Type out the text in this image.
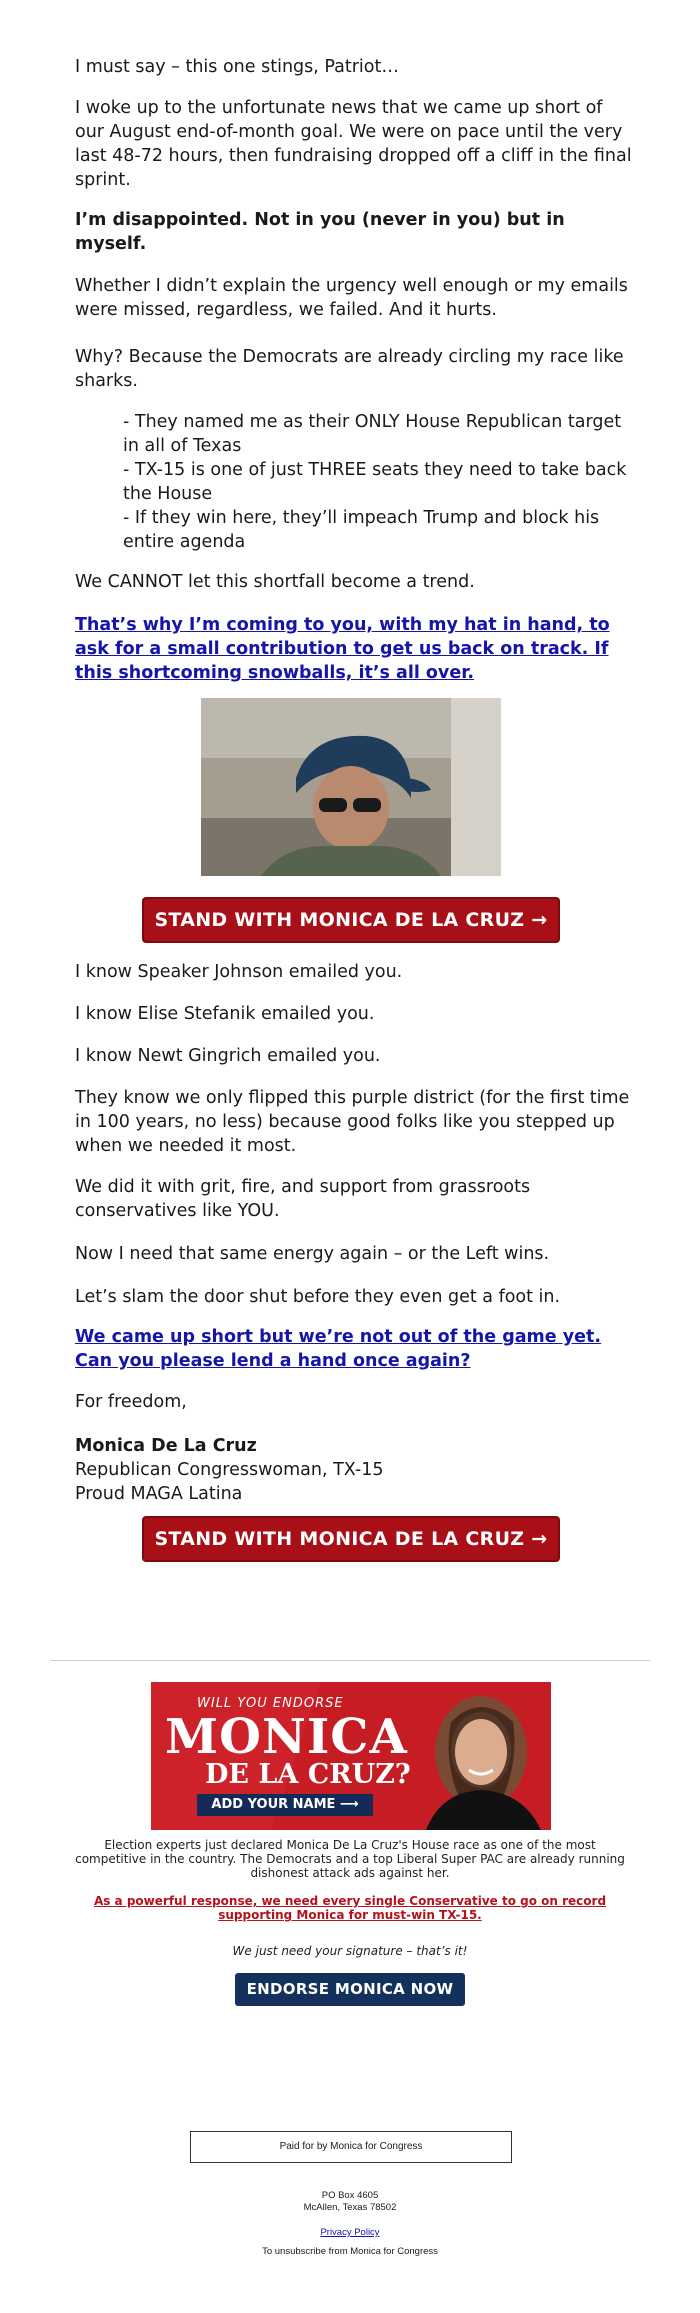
I must say – this one stings, Patriot…

I woke up to the unfortunate news that we came up short of our August end-of-month goal. We were on pace until the very last 48-72 hours, then fundraising dropped off a cliff in the final sprint.

I’m disappointed. Not in you (never in you) but in myself.

Whether I didn’t explain the urgency well enough or my emails were missed, regardless, we failed. And it hurts.

Why? Because the Democrats are already circling my race like sharks.

- They named me as their ONLY House Republican target in all of Texas

- TX-15 is one of just THREE seats they need to take back the House

- If they win here, they’ll impeach Trump and block his entire agenda

We CANNOT let this shortfall become a trend.

That’s why I’m coming to you, with my hat in hand, to ask for a small contribution to get us back on track. If this shortcoming snowballs, it’s all over.
STAND WITH MONICA DE LA CRUZ →

I know Speaker Johnson emailed you.

I know Elise Stefanik emailed you.

I know Newt Gingrich emailed you.

They know we only flipped this purple district (for the first time in 100 years, no less) because good folks like you stepped up when we needed it most.

We did it with grit, fire, and support from grassroots conservatives like YOU.

Now I need that same energy again – or the Left wins.

Let’s slam the door shut before they even get a foot in.

We came up short but we’re not out of the game yet. Can you please lend a hand once again?

For freedom,

Monica De La Cruz

Republican Congresswoman, TX-15

Proud MAGA Latina

STAND WITH MONICA DE LA CRUZ →
WILL YOU ENDORSE
MONICA
DE LA CRUZ?
ADD YOUR NAME ⟶
Election experts just declared Monica De La Cruz's House race as one of the most competitive in the country. The Democrats and a top Liberal Super PAC are already running dishonest attack ads against her.
As a powerful response, we need every single Conservative to go on record supporting Monica for must-win TX-15.
We just need your signature – that’s it!
ENDORSE MONICA NOW
Paid for by Monica for Congress
PO Box 4605
McAllen, Texas 78502
Privacy Policy
To unsubscribe from Monica for Congress
